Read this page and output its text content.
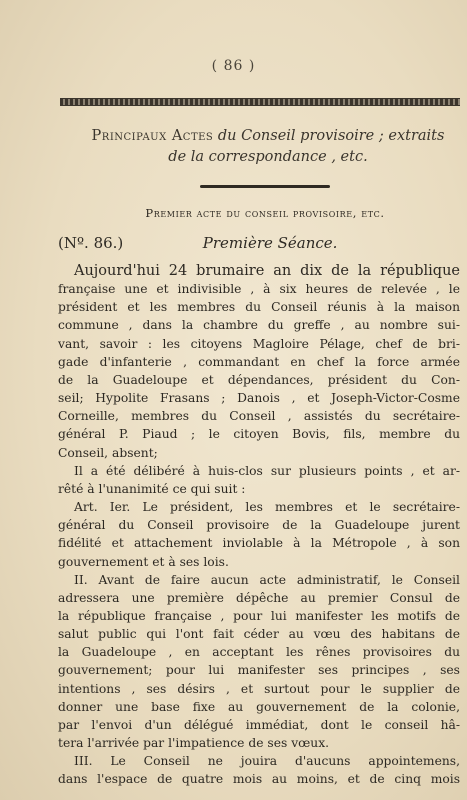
( 86 )
Principaux Actes du Conseil provisoire ; extraits
de la correspondance , etc.
Premier acte du conseil provisoire, etc.
(Nº. 86.)	Première Séance.
Aujourd'hui 24 brumaire an dix de la république
française une et indivisible , à six heures de relevée , le
président et les membres du Conseil réunis à la maison
commune , dans la chambre du greffe , au nombre sui-
vant, savoir : les citoyens Magloire Pélage, chef de bri-
gade d'infanterie , commandant en chef la force armée
de la Guadeloupe et dépendances, président du Con-
seil; Hypolite Frasans ; Danois , et Joseph-Victor-Cosme
Corneille, membres du Conseil , assistés du secrétaire-
général P. Piaud ; le citoyen Bovis, fils, membre du
Conseil, absent;
Il a été délibéré à huis-clos sur plusieurs points , et ar-
rêté à l'unanimité ce qui suit :
Art. Ier. Le président, les membres et le secrétaire-
général du Conseil provisoire de la Guadeloupe jurent
fidélité et attachement inviolable à la Métropole , à son
gouvernement et à ses lois.
II. Avant de faire aucun acte administratif, le Conseil
adressera une première dépêche au premier Consul de
la république française , pour lui manifester les motifs de
salut public qui l'ont fait céder au vœu des habitans de
la Guadeloupe , en acceptant les rênes provisoires du
gouvernement; pour lui manifester ses principes , ses
intentions , ses désirs , et surtout pour le supplier de
donner une base fixe au gouvernement de la colonie,
par l'envoi d'un délégué immédiat, dont le conseil hâ-
tera l'arrivée par l'impatience de ses vœux.
III. Le Conseil ne jouira d'aucuns appointemens,
dans l'espace de quatre mois au moins, et de cinq mois
